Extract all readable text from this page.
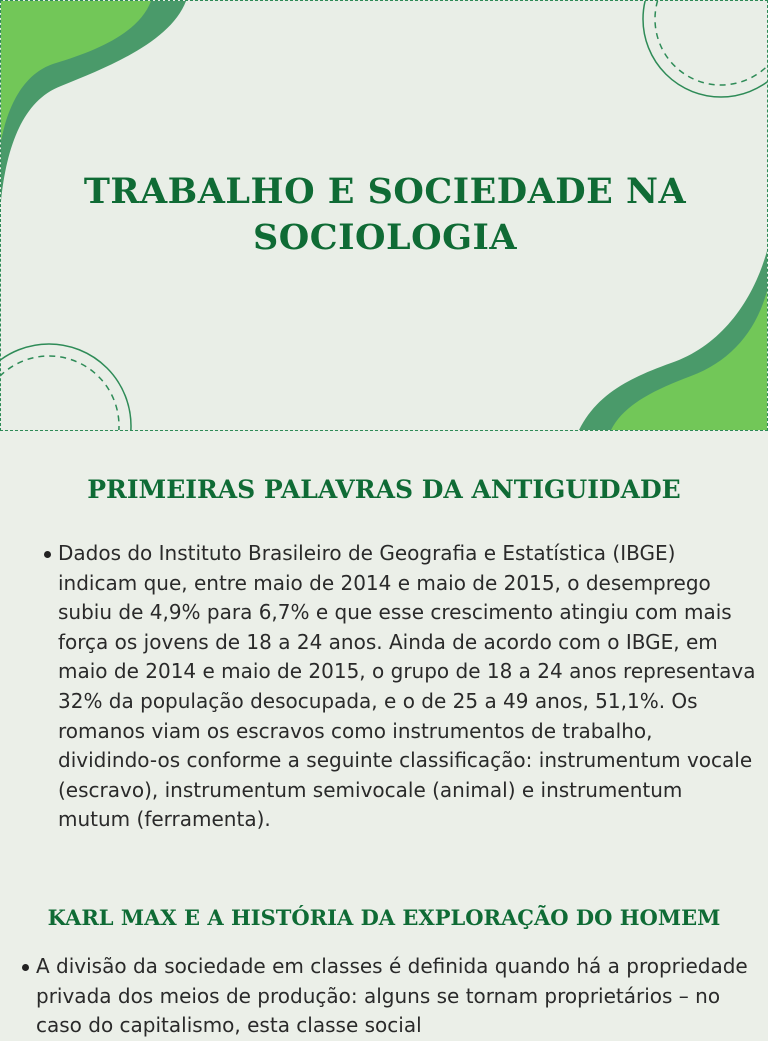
TRABALHO E SOCIEDADE NA
SOCIOLOGIA
PRIMEIRAS PALAVRAS DA ANTIGUIDADE
Dados do Instituto Brasileiro de Geografia e Estatística (IBGE) indicam que, entre maio de 2014 e maio de 2015, o desemprego subiu de 4,9% para 6,7% e que esse crescimento atingiu com mais força os jovens de 18 a 24 anos. Ainda de acordo com o IBGE, em maio de 2014 e maio de 2015, o grupo de 18 a 24 anos representava 32% da população desocupada, e o de 25 a 49 anos, 51,1%. Os romanos viam os escravos como instrumentos de trabalho, dividindo-os conforme a seguinte classificação: instrumentum vocale (escravo), instrumentum semivocale (animal) e instrumentum mutum (ferramenta).
KARL MAX E A HISTÓRIA DA EXPLORAÇÃO DO HOMEM
A divisão da sociedade em classes é definida quando há a propriedade privada dos meios de produção: alguns se tornam proprietários – no caso do capitalismo, esta classe social
